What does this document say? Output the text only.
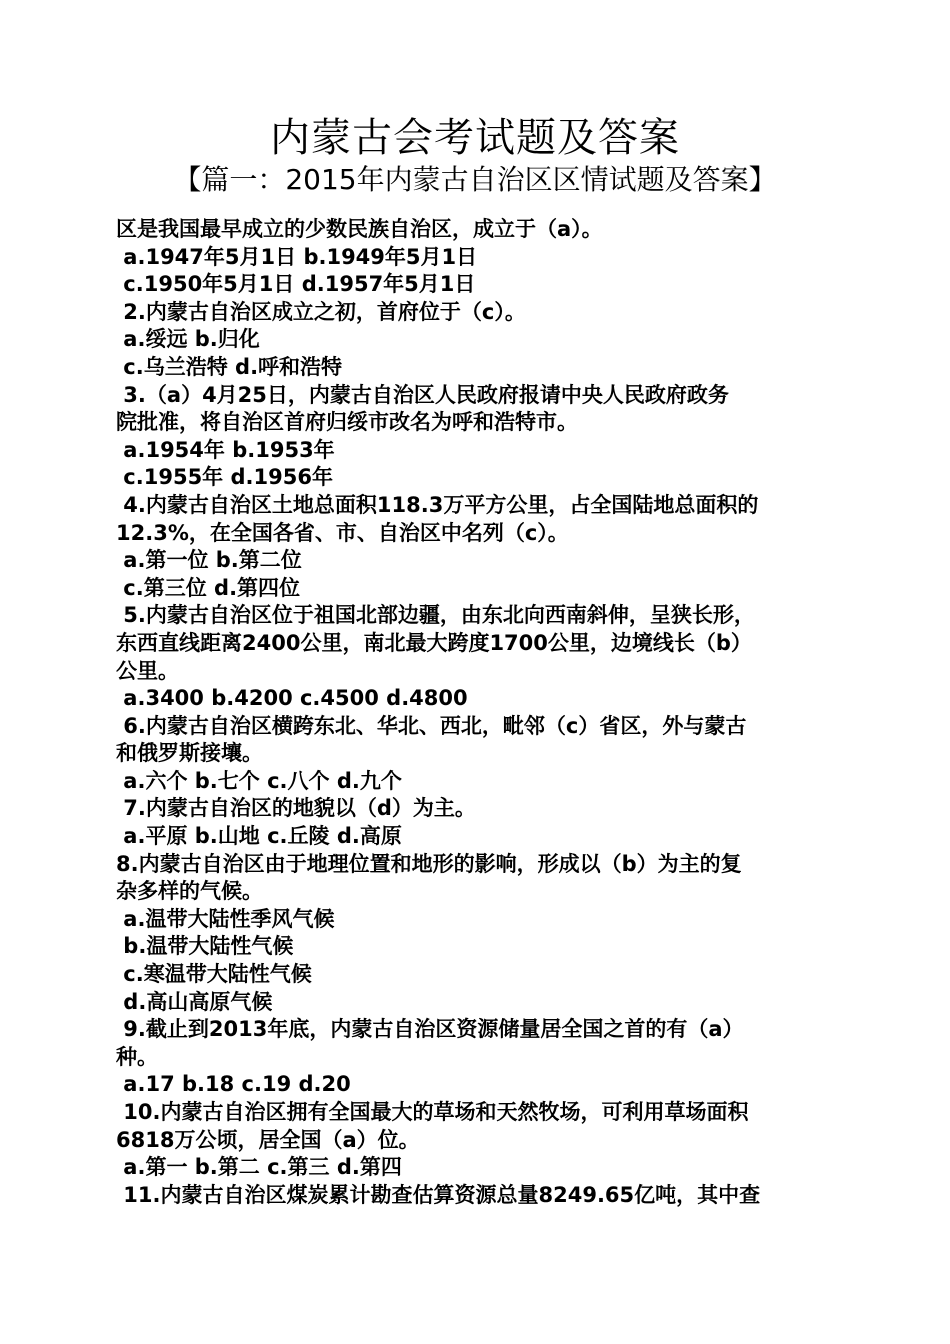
内蒙古会考试题及答案
【篇一：2015年内蒙古自治区区情试题及答案】
区是我国最早成立的少数民族自治区，成立于（a）。
a.1947年5月1日 b.1949年5月1日
c.1950年5月1日 d.1957年5月1日
2.内蒙古自治区成立之初，首府位于（c）。
a.绥远 b.归化
c.乌兰浩特 d.呼和浩特
3.（a）4月25日，内蒙古自治区人民政府报请中央人民政府政务
院批准，将自治区首府归绥市改名为呼和浩特市。
a.1954年 b.1953年
c.1955年 d.1956年
4.内蒙古自治区土地总面积118.3万平方公里，占全国陆地总面积的
12.3%，在全国各省、市、自治区中名列（c）。
a.第一位 b.第二位
c.第三位 d.第四位
5.内蒙古自治区位于祖国北部边疆，由东北向西南斜伸，呈狭长形，
东西直线距离2400公里，南北最大跨度1700公里，边境线长（b）
公里。
a.3400 b.4200 c.4500 d.4800
6.内蒙古自治区横跨东北、华北、西北，毗邻（c）省区，外与蒙古
和俄罗斯接壤。
a.六个 b.七个 c.八个 d.九个
7.内蒙古自治区的地貌以（d）为主。
a.平原 b.山地 c.丘陵 d.高原
8.内蒙古自治区由于地理位置和地形的影响，形成以（b）为主的复
杂多样的气候。
a.温带大陆性季风气候
b.温带大陆性气候
c.寒温带大陆性气候
d.高山高原气候
9.截止到2013年底，内蒙古自治区资源储量居全国之首的有（a）
种。
a.17 b.18 c.19 d.20
10.内蒙古自治区拥有全国最大的草场和天然牧场，可利用草场面积
6818万公顷，居全国（a）位。
a.第一 b.第二 c.第三 d.第四
11.内蒙古自治区煤炭累计勘查估算资源总量8249.65亿吨，其中查
